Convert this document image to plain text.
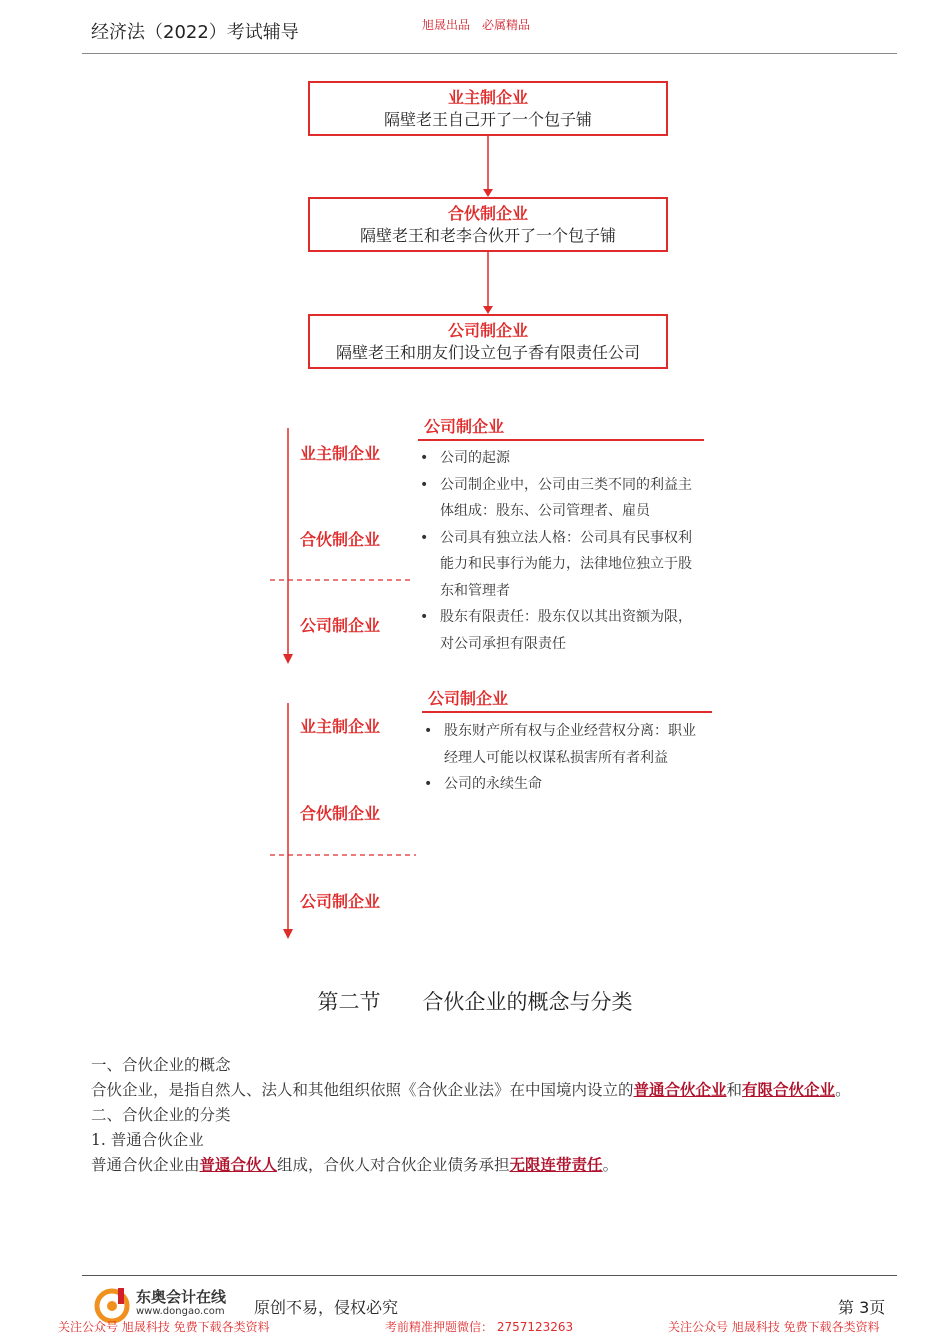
经济法（2022）考试辅导	旭晟出品　必属精品
业主制企业
隔壁老王自己开了一个包子铺
合伙制企业
隔壁老王和老李合伙开了一个包子铺
公司制企业
隔壁老王和朋友们设立包子香有限责任公司
业主制企业
合伙制企业
公司制企业
公司制企业
• 公司的起源
• 公司制企业中，公司由三类不同的利益主
体组成：股东、公司管理者、雇员
• 公司具有独立法人格：公司具有民事权利
能力和民事行为能力，法律地位独立于股
东和管理者
• 股东有限责任：股东仅以其出资额为限，
对公司承担有限责任
业主制企业
合伙制企业
公司制企业
公司制企业
• 股东财产所有权与企业经营权分离：职业
经理人可能以权谋私损害所有者利益
• 公司的永续生命
第二节　　合伙企业的概念与分类
一、合伙企业的概念
合伙企业，是指自然人、法人和其他组织依照《合伙企业法》在中国境内设立的普通合伙企业和有限合伙企业。
二、合伙企业的分类
1. 普通合伙企业
普通合伙企业由普通合伙人组成，合伙人对合伙企业债务承担无限连带责任。
东奥会计在线
www.dongao.com 原创不易，侵权必究	第 3页
关注公众号 旭晟科技 免费下载各类资料	考前精准押题微信： 2757123263	关注公众号 旭晟科技 免费下载各类资料
